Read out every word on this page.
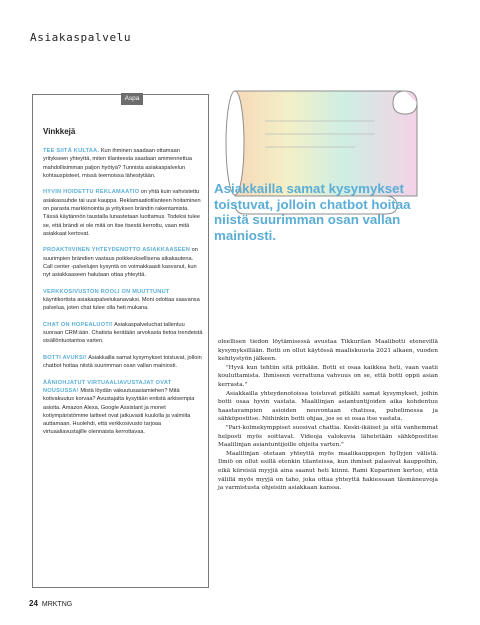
Asiakaspalvelu
Aspa
Vinkkejä

TEE SIITÄ KULTAA. Kun ihminen saadaan ottamaan yritykseen yhteyttä, miten tilanteesta saadaan ammennettua mahdollisimman paljon hyötyä? Tunnista asiakaspalvelun kohtauspisteet, missä teemoissa lähestytään.

HYVIN HOIDETTU REKLAMAATIO on yhtä kuin vahvistettu asiakassuhde tai uusi kauppa. Reklamaatiotilanteen hoitaminen on parasta markkinointia ja yrityksen brändin rakentamista. Tässä käytännön taustalla lunastetaan luottamus. Todeksi tulee se, että brändi ei ole mitä on itse itsestä kerrottu, vaan mitä asiakkaat kertovat.

PROAKTIIVINEN YHTEYDENOTTO ASIAKKAASEEN on suurimpien brändien vastaus poikkeuksellisena aikakautena. Call center -palvelujen kysyntä on voimakkaasti kasvanut, kun nyt asiakkaaseen halutaan ottaa yhteyttä.

VERKKOSIVUSTON ROOLI ON MUUTTUNUT käyntikortista asiakaspalvelukanavaksi. Moni odottaa saavansa palvelua, joten chat tulee olla heti mukana.

CHAT ON HOPEALUOTI! Asiakaspalveluchat tallentuu suoraan CRM:ään. Chatista kerätään arvokasta tietoa trendeistä sisällöntuotantoa varten.

BOTTI AVUKSI! Asiakkailla samat kysymykset toistuvat, jolloin chatbot hoitaa niistä suurimman osan vallan mainiosti.

ÄÄNIOHJATUT VIRTUAALIAVUSTAJAT OVAT NOUSUSSA! Mistä löydän vakuutusasiamiehen? Mitä kotivakuutus korvaa? Avustajalta kysytään entistä arkisempia asioita. Amazon Alexa, Google Assistant ja monet kotiympäristömme laitteet ovat jatkuvasti kuulolla ja valmiita auttamaan. Huolehdi, että verkkosivusto tarjoaa virtuaaliavustajille olennaista kerrottavaa.

Asiakkailla samat kysymykset toistuvat, jolloin chatbot hoitaa niistä suurimman osan vallan mainiosti.

oleellisen tiedon löytämisessä avustaa Tikkurilan Maalibotti etenevillä kysymyksillään. Botti on ollut käytössä maaliskuusta 2021 alkaen, vuoden kehitystyön jälkeen.

"Hyvä kun tehtiin sitä pitkään. Botti ei osaa kaikkea heti, vaan vaatii kouluttamista. Ihmiseen verrattuna vahvuus on se, että botti oppii asian kerrasta."

Asiakkailla yhteydenotoissa toistuvat pitkälti samat kysymykset, joihin botti osaa hyvin vastata. Maalilinjan asiantuntijoiden aika kohdentuu haastavampien asioiden neuvontaan chatissa, puhelimessa ja sähköpostitse. Niihinkin botti ohjaa, jos se ei osaa itse vastata.

"Pari-kolmekymppiset suosivat chattia. Keski-ikäiset ja sitä vanhemmat helposti myös soittavat. Videoja valokuvia lähetetään sähköpostitse Maalilinjan asiantuntijoille ohjeita varten."

Maalilinjan otetaan yhteyttä myös maalikauppojen hyllyjen välistä. Ilmiö on ollut esillä etenkin tilanteissa, kun ihmiset palasivat kauppoihin, eikä kiireisiä myyjiä aina saanut heti kiinni. Rami Kuparinen kertoo, että välillä myös myyjä on taho, joka ottaa yhteyttä hakiessaan täsmäneuvoja ja varmistusta ohjeisiin asiakkaan kanssa.

24 MRKTNG
